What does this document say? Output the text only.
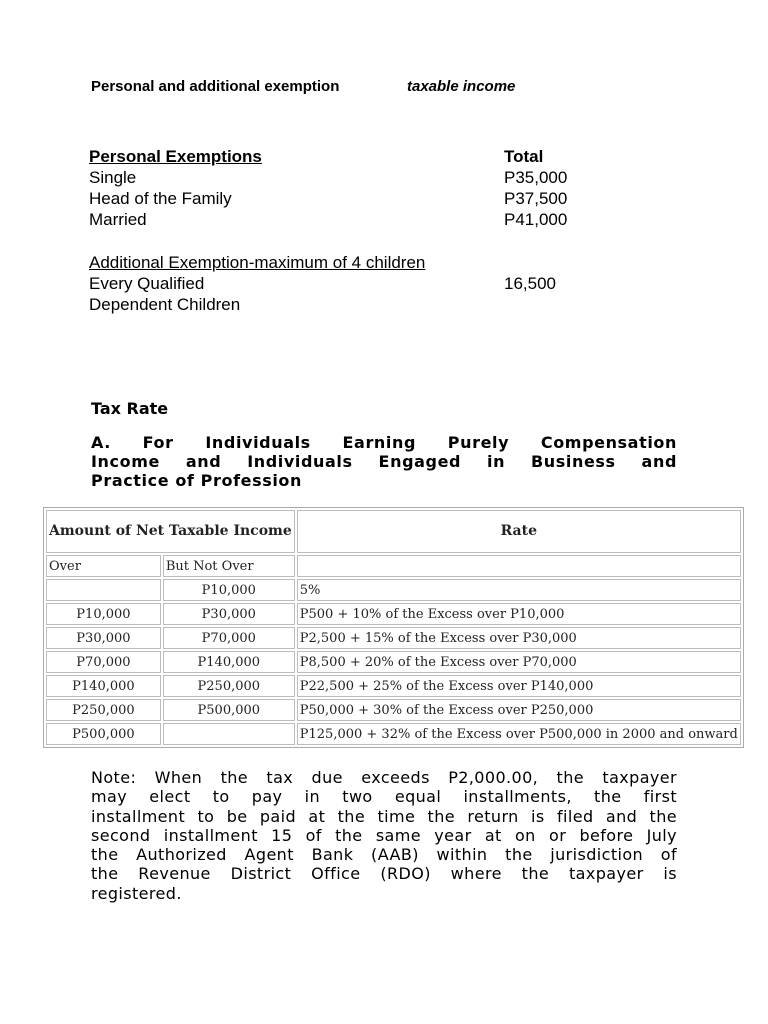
Personal and additional exemption	taxable income
Personal Exemptions	Total
Single	P35,000
Head of the Family	P37,500
Married	P41,000
Additional Exemption-maximum of 4 children
Every Qualified	16,500
Dependent Children
Tax Rate
A. For Individuals Earning Purely Compensation
Income and Individuals Engaged in Business and
Practice of Profession
Amount of Net Taxable Income		Rate
Over	But Not Over	
	P10,000	5%
P10,000	P30,000	P500 + 10% of the Excess over P10,000
P30,000	P70,000	P2,500 + 15% of the Excess over P30,000
P70,000	P140,000	P8,500 + 20% of the Excess over P70,000
P140,000	P250,000	P22,500 + 25% of the Excess over P140,000
P250,000	P500,000	P50,000 + 30% of the Excess over P250,000
P500,000		P125,000 + 32% of the Excess over P500,000 in 2000 and onward
Note: When the tax due exceeds P2,000.00, the taxpayer
may elect to pay in two equal installments, the first
installment to be paid at the time the return is filed and the
second installment 15 of the same year at on or before July
the Authorized Agent Bank (AAB) within the jurisdiction of
the Revenue District Office (RDO) where the taxpayer is
registered.
